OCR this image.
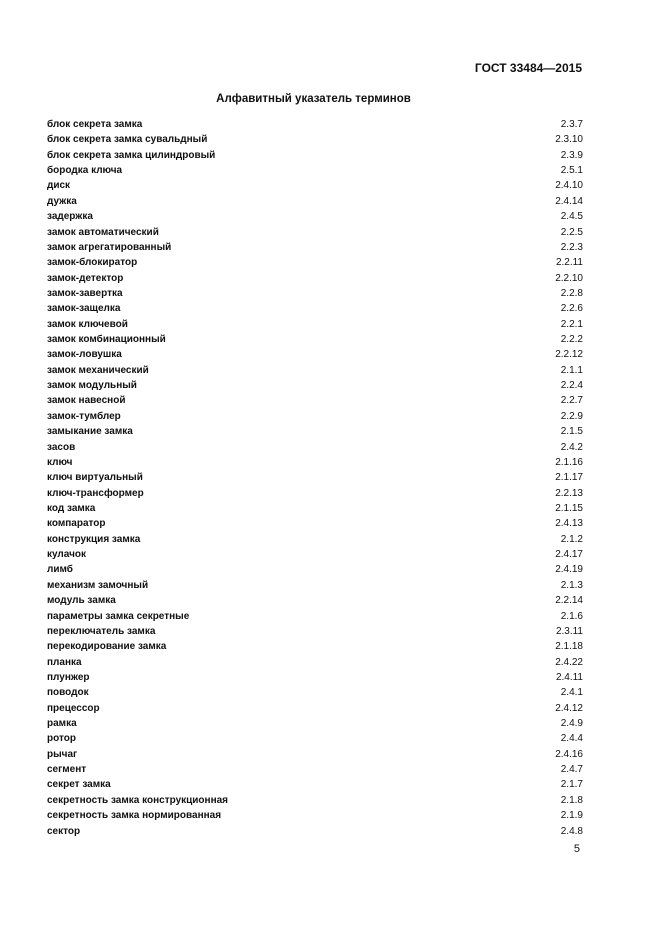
ГОСТ 33484—2015
Алфавитный указатель терминов
блок секрета замка	2.3.7
блок секрета замка сувальдный	2.3.10
блок секрета замка цилиндровый	2.3.9
бородка ключа	2.5.1
диск	2.4.10
дужка	2.4.14
задержка	2.4.5
замок автоматический	2.2.5
замок агрегатированный	2.2.3
замок-блокиратор	2.2.11
замок-детектор	2.2.10
замок-завертка	2.2.8
замок-защелка	2.2.6
замок ключевой	2.2.1
замок комбинационный	2.2.2
замок-ловушка	2.2.12
замок механический	2.1.1
замок модульный	2.2.4
замок навесной	2.2.7
замок-тумблер	2.2.9
замыкание замка	2.1.5
засов	2.4.2
ключ	2.1.16
ключ виртуальный	2.1.17
ключ-трансформер	2.2.13
код замка	2.1.15
компаратор	2.4.13
конструкция замка	2.1.2
кулачок	2.4.17
лимб	2.4.19
механизм замочный	2.1.3
модуль замка	2.2.14
параметры замка секретные	2.1.6
переключатель замка	2.3.11
перекодирование замка	2.1.18
планка	2.4.22
плунжер	2.4.11
поводок	2.4.1
прецессор	2.4.12
рамка	2.4.9
ротор	2.4.4
рычаг	2.4.16
сегмент	2.4.7
секрет замка	2.1.7
секретность замка конструкционная	2.1.8
секретность замка нормированная	2.1.9
сектор	2.4.8
5
